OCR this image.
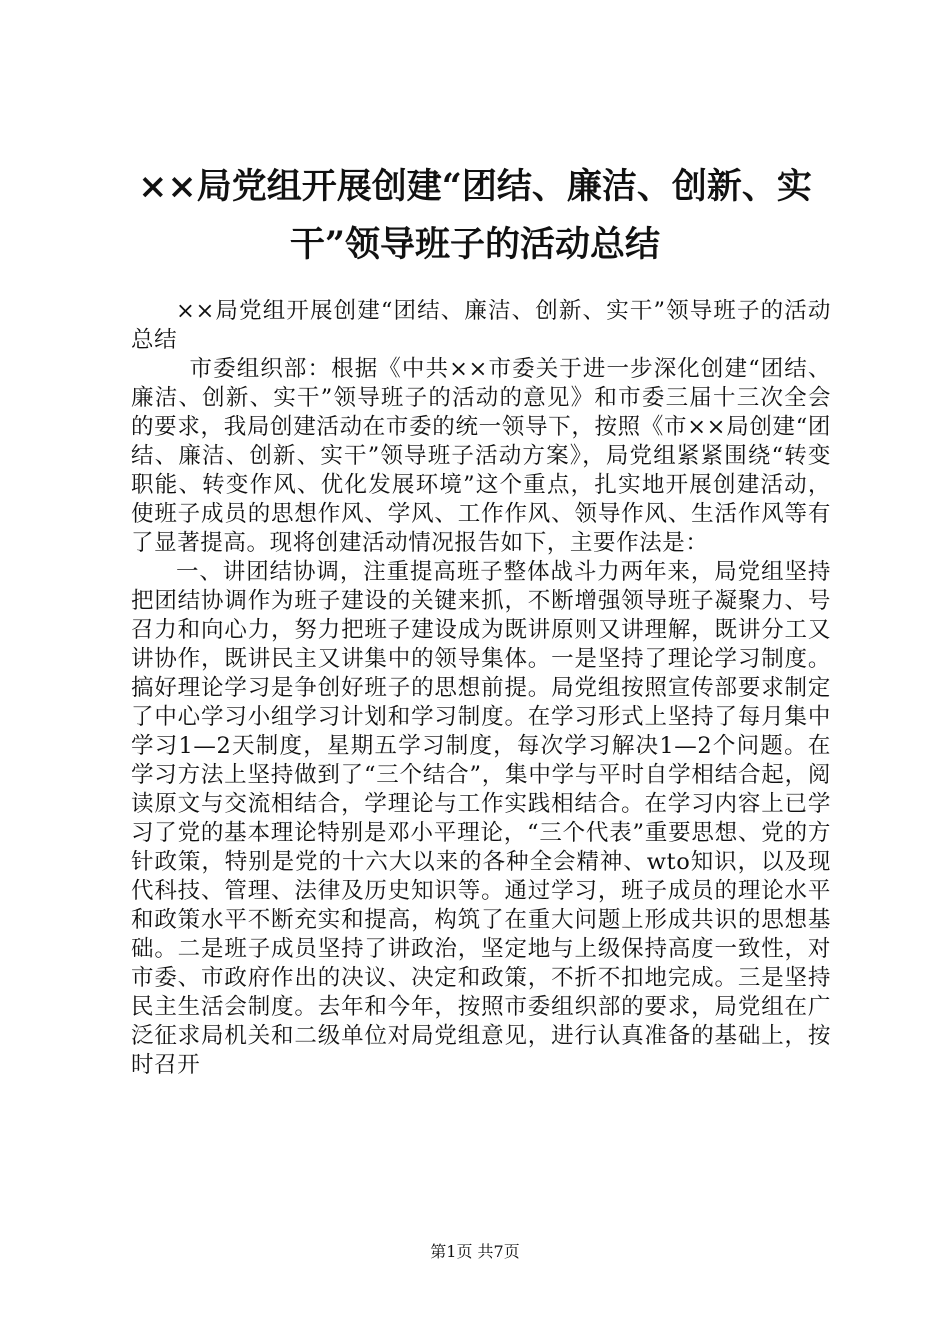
××局党组开展创建“团结、廉洁、创新、实干”领导班子的活动总结

××局党组开展创建“团结、廉洁、创新、实干”领导班子的活动总结

市委组织部：根据《中共××市委关于进一步深化创建“团结、廉洁、创新、实干”领导班子的活动的意见》和市委三届十三次全会的要求，我局创建活动在市委的统一领导下，按照《市××局创建“团结、廉洁、创新、实干”领导班子活动方案》，局党组紧紧围绕“转变职能、转变作风、优化发展环境”这个重点，扎实地开展创建活动，使班子成员的思想作风、学风、工作作风、领导作风、生活作风等有了显著提高。现将创建活动情况报告如下，主要作法是：

一、讲团结协调，注重提高班子整体战斗力两年来，局党组坚持把团结协调作为班子建设的关键来抓，不断增强领导班子凝聚力、号召力和向心力，努力把班子建设成为既讲原则又讲理解，既讲分工又讲协作，既讲民主又讲集中的领导集体。一是坚持了理论学习制度。搞好理论学习是争创好班子的思想前提。局党组按照宣传部要求制定了中心学习小组学习计划和学习制度。在学习形式上坚持了每月集中学习1—2天制度，星期五学习制度，每次学习解决1—2个问题。在学习方法上坚持做到了“三个结合”，集中学与平时自学相结合起，阅读原文与交流相结合，学理论与工作实践相结合。在学习内容上已学习了党的基本理论特别是邓小平理论，“三个代表”重要思想、党的方针政策，特别是党的十六大以来的各种全会精神、wto知识，以及现代科技、管理、法律及历史知识等。通过学习，班子成员的理论水平和政策水平不断充实和提高，构筑了在重大问题上形成共识的思想基础。二是班子成员坚持了讲政治，坚定地与上级保持高度一致性，对市委、市政府作出的决议、决定和政策，不折不扣地完成。三是坚持民主生活会制度。去年和今年，按照市委组织部的要求，局党组在广泛征求局机关和二级单位对局党组意见，进行认真准备的基础上，按时召开

第1页 共7页
